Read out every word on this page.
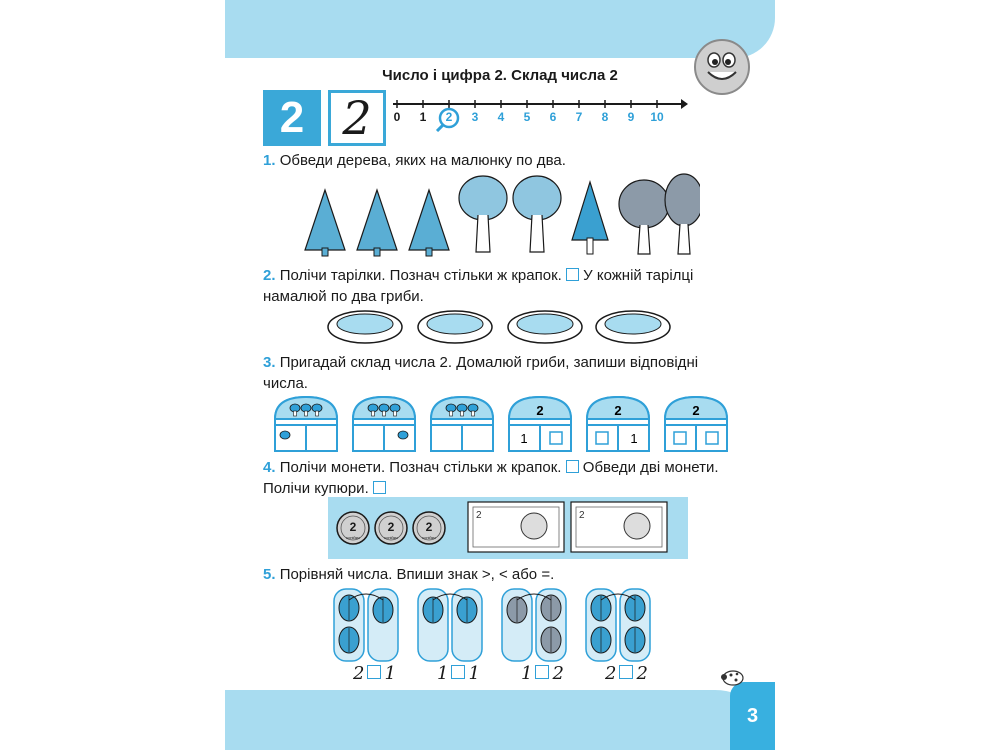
3
Число і цифра 2. Склад числа 2
2 2 0 1 2 3 4 5 6 7 8 9 10
1. Обведи дерева, яких на малюнку по два.
2. Полічи тарілки. Познач стільки ж крапок. У кожній тарілці намалюй по два гриби.
3. Пригадай склад числа 2. Домалюй гриби, запиши відповідні числа.
2
1
2
1
2
4. Полічи монети. Познач стільки ж крапок. Обведи дві монети. Полічи купюри.
2
копійки
2
копійки
2
копійки
2	2
5. Порівняй числа. Впиши знак >, < або =.
2 1 1 1 1 2 2 2
